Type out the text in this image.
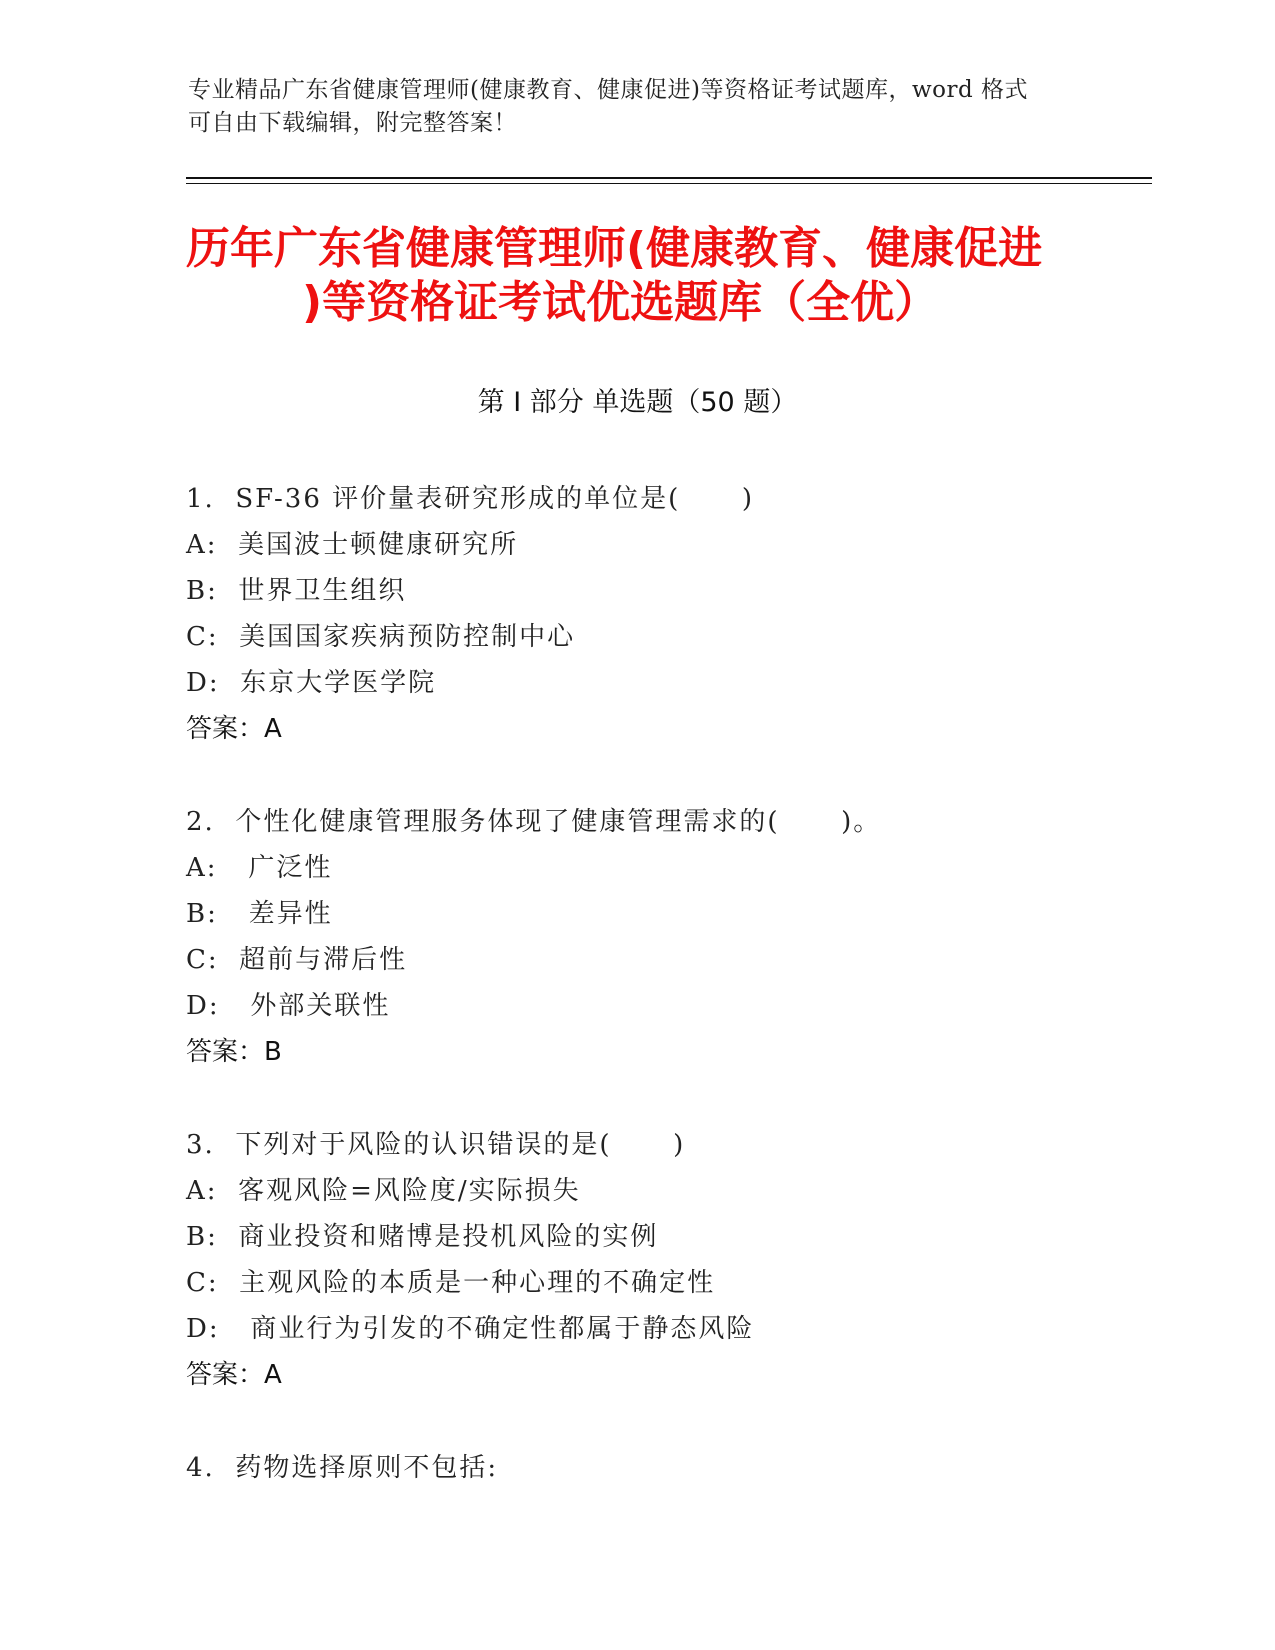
专业精品广东省健康管理师(健康教育、健康促进)等资格证考试题库，word 格式
可自由下载编辑，附完整答案！
历年广东省健康管理师(健康教育、健康促进
)等资格证考试优选题库（全优）
第 I 部分 单选题（50 题）
1.  SF-36 评价量表研究形成的单位是(      )
A:  美国波士顿健康研究所
B:  世界卫生组织
C:  美国国家疾病预防控制中心
D:  东京大学医学院
答案：A
2.  个性化健康管理服务体现了健康管理需求的(      )。
A:   广泛性
B:   差异性
C:  超前与滞后性
D:   外部关联性
答案：B
3.  下列对于风险的认识错误的是(      )
A:  客观风险=风险度/实际损失
B:  商业投资和赌博是投机风险的实例
C:  主观风险的本质是一种心理的不确定性
D:   商业行为引发的不确定性都属于静态风险
答案：A
4.  药物选择原则不包括:
